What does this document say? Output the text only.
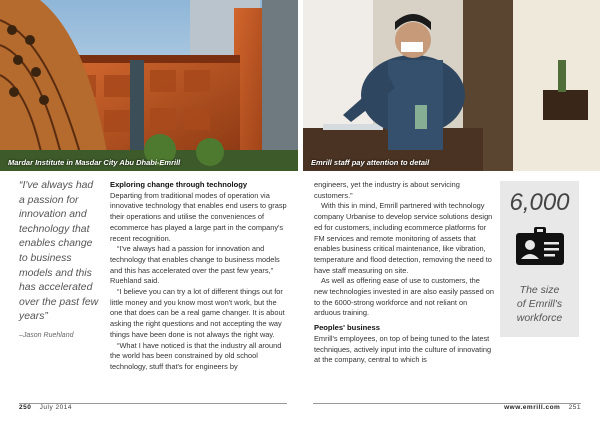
Mardar Institute in Masdar City Abu Dhabi-Emrill	Emrill staff pay attention to detail
“I've always had a passion for innovation and technology that enables change to business models and this has accelerated over the past few years”
–Jason Ruehland
Exploring change through technology

Departing from traditional modes of operation via innovative technology that enables end users to grasp their operations and utilise the conveniences of ecommerce has played a large part in the company's recent recognition.

“I've always had a passion for innovation and technology that enables change to business models and this has accelerated over the past few years,” Ruehland said.

“I believe you can try a lot of different things out for little money and you know most won't work, but the one that does can be a real game changer. It is about asking the right questions and not accepting the way things have been done is not always the right way.

“What I have noticed is that the industry all around the world has been constrained by old school technology, stuff that's for engineers by

engineers, yet the industry is about servicing customers.”

With this in mind, Emrill partnered with technology company Urbanise to develop service solutions design ed for customers, including ecommerce platforms for FM services and remote monitoring of assets that enables business critical maintenance, like vibration, temperature and flood detection, removing the need to have staff measuring on site.

As well as offering ease of use to customers, the new technologies invested in are also easily passed on to the 6000-strong workforce and not reliant on arduous training.

Peoples' business

Emrill's employees, on top of being tuned to the latest techniques, actively input into the culture of innovating at the company, central to which is

6,000
The size
of Emrill's
workforce
250 July 2014	www.emrill.com 251
